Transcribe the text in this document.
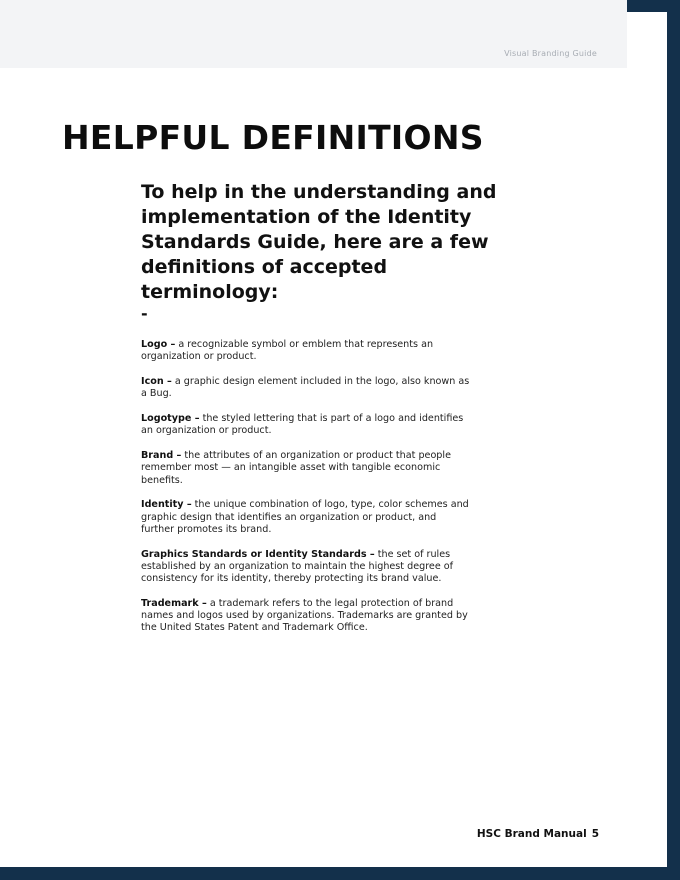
Visual Branding Guide
HELPFUL DEFINITIONS

To help in the understanding and implementation of the Identity Standards Guide, here are a few definitions of accepted terminology:

-
Logo – a recognizable symbol or emblem that represents an organization or product.
Icon – a graphic design element included in the logo, also known as a Bug.
Logotype – the styled lettering that is part of a logo and identifies an organization or product.
Brand – the attributes of an organization or product that people remember most — an intangible asset with tangible economic benefits.
Identity – the unique combination of logo, type, color schemes and graphic design that identifies an organization or product, and further promotes its brand.
Graphics Standards or Identity Standards – the set of rules established by an organization to maintain the highest degree of consistency for its identity, thereby protecting its brand value.
Trademark – a trademark refers to the legal protection of brand names and logos used by organizations. Trademarks are granted by the United States Patent and Trademark Office.
HSC Brand Manual 5
